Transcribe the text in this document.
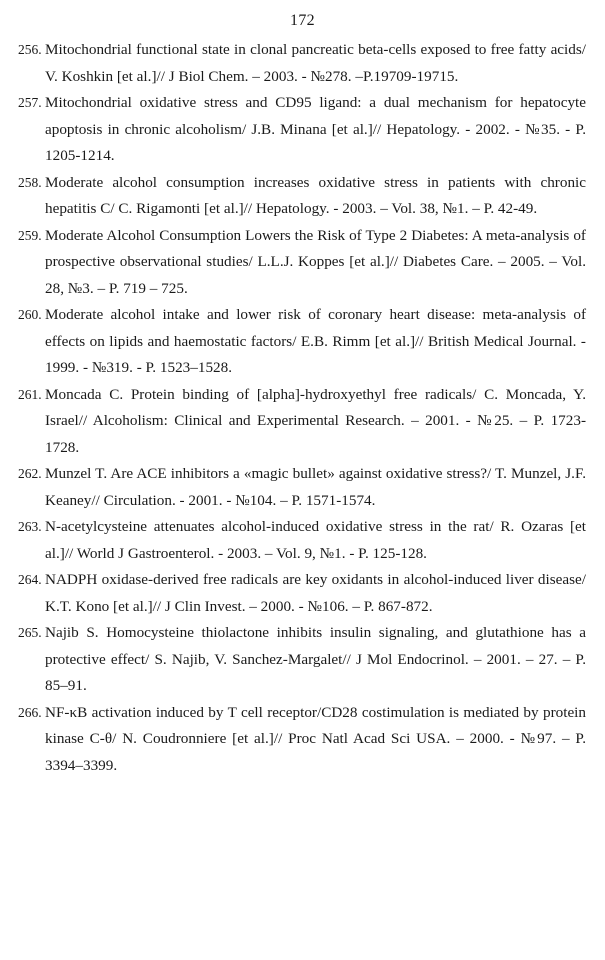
172
256. Mitochondrial functional state in clonal pancreatic beta-cells exposed to free fatty acids/ V. Koshkin [et al.]// J Biol Chem. – 2003. - №278. –P.19709-19715.
257. Mitochondrial oxidative stress and CD95 ligand: a dual mechanism for hepatocyte apoptosis in chronic alcoholism/ J.B. Minana [et al.]// Hepatology. - 2002. - №35. - P. 1205-1214.
258. Moderate alcohol consumption increases oxidative stress in patients with chronic hepatitis C/ C. Rigamonti [et al.]// Hepatology. - 2003. – Vol. 38, №1. – P. 42-49.
259. Moderate Alcohol Consumption Lowers the Risk of Type 2 Diabetes: A meta-analysis of prospective observational studies/ L.L.J. Koppes [et al.]// Diabetes Care. – 2005. – Vol. 28, №3. – P. 719 – 725.
260. Moderate alcohol intake and lower risk of coronary heart disease: meta-analysis of effects on lipids and haemostatic factors/ E.B. Rimm [et al.]// British Medical Journal. - 1999. - №319. - P. 1523–1528.
261. Moncada C. Protein binding of [alpha]-hydroxyethyl free radicals/ C. Moncada, Y. Israel// Alcoholism: Clinical and Experimental Research. – 2001. - №25. – P. 1723-1728.
262. Munzel T. Are ACE inhibitors a «magic bullet» against oxidative stress?/ T. Munzel, J.F. Keaney// Circulation. - 2001. - №104. – P. 1571-1574.
263. N-acetylcysteine attenuates alcohol-induced oxidative stress in the rat/ R. Ozaras [et al.]// World J Gastroenterol. - 2003. – Vol. 9, №1. - P. 125-128.
264. NADPH oxidase-derived free radicals are key oxidants in alcohol-induced liver disease/ K.T. Kono [et al.]// J Clin Invest. – 2000. - №106. – P. 867-872.
265. Najib S. Homocysteine thiolactone inhibits insulin signaling, and glutathione has a protective effect/ S. Najib, V. Sanchez-Margalet// J Mol Endocrinol. – 2001. – 27. – P. 85–91.
266. NF-κB activation induced by T cell receptor/CD28 costimulation is mediated by protein kinase C-θ/ N. Coudronniere [et al.]// Proc Natl Acad Sci USA. – 2000. - №97. – P. 3394–3399.
